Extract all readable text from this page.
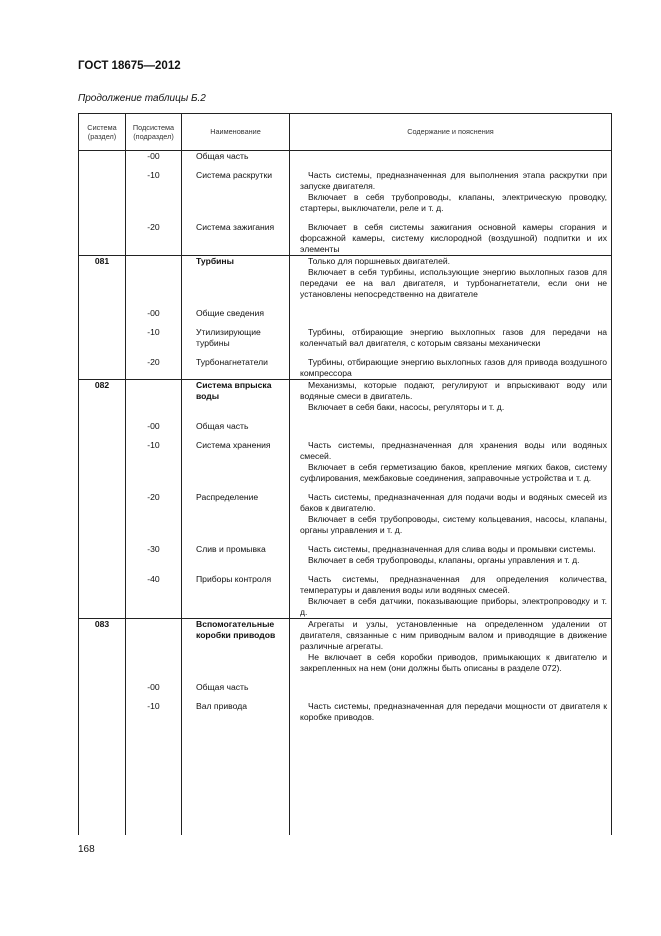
ГОСТ 18675—2012
Продолжение таблицы Б.2
Система (раздел)	Подсистема (подраздел)	Наименование	Содержание и пояснения
	-00	Общая часть	
	-10	Система раскрутки	Часть системы, предназначенная для выполнения этапа раскрутки при запуске двигателя.

Включает в себя трубопроводы, клапаны, электрическую проводку, стартеры, выключатели, реле и т. д.

	-20	Система зажигания	Включает в себя системы зажигания основной камеры сгорания и форсажной камеры, систему кислородной (воздушной) подпитки и их элементы

081		Турбины	Только для поршневых двигателей.

Включает в себя турбины, использующие энергию выхлопных газов для передачи ее на вал двигателя, и турбонагнетатели, если они не установлены непосредственно на двигателе

	-00	Общие сведения	
	-10	Утилизирующие турбины	Турбины, отбирающие энергию выхлопных газов для передачи на коленчатый вал двигателя, с которым связаны механически

	-20	Турбонагнетатели	Турбины, отбирающие энергию выхлопных газов для привода воздушного компрессора

082		Система впрыска воды	Механизмы, которые подают, регулируют и впрыскивают воду или водяные смеси в двигатель.

Включает в себя баки, насосы, регуляторы и т. д.

	-00	Общая часть	
	-10	Система хранения	Часть системы, предназначенная для хранения воды или водяных смесей.

Включает в себя герметизацию баков, крепление мягких баков, систему суфлирования, межбаковые соединения, заправочные устройства и т. д.

	-20	Распределение	Часть системы, предназначенная для подачи воды и водяных смесей из баков к двигателю.

Включает в себя трубопроводы, систему кольцевания, насосы, клапаны, органы управления и т. д.

	-30	Слив и промывка	Часть системы, предназначенная для слива воды и промывки системы.

Включает в себя трубопроводы, клапаны, органы управления и т. д.

	-40	Приборы контроля	Часть системы, предназначенная для определения количества, температуры и давления воды или водяных смесей.

Включает в себя датчики, показывающие приборы, электропроводку и т. д.

083		Вспомогательные коробки приводов	Агрегаты и узлы, установленные на определенном удалении от двигателя, связанные с ним приводным валом и приводящие в движение различные агрегаты.

Не включает в себя коробки приводов, примыкающих к двигателю и закрепленных на нем (они должны быть описаны в разделе 072).

	-00	Общая часть	
	-10	Вал привода	Часть системы, предназначенная для передачи мощности от двигателя к коробке приводов.

168
